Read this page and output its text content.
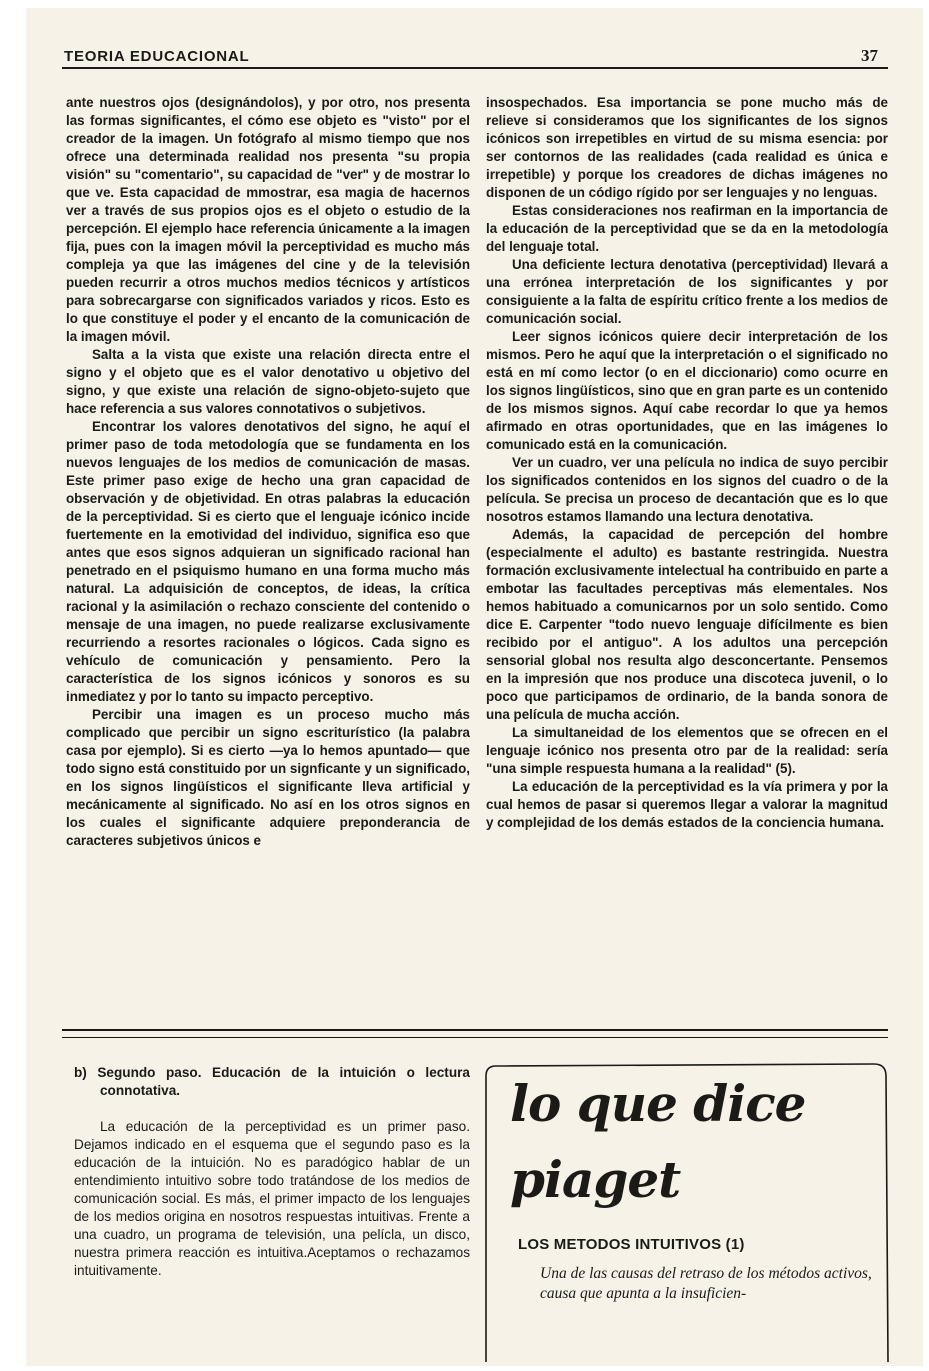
TEORIA EDUCACIONAL	37

ante nuestros ojos (designándolos), y por otro, nos presenta las formas significantes, el cómo ese objeto es "visto" por el creador de la imagen. Un fotógrafo al mismo tiempo que nos ofrece una determinada realidad nos presenta "su propia visión" su "comentario", su capacidad de "ver" y de mostrar lo que ve. Esta capacidad de mmostrar, esa magia de hacernos ver a través de sus propios ojos es el objeto o estudio de la percepción. El ejemplo hace referencia únicamente a la imagen fija, pues con la imagen móvil la perceptividad es mucho más compleja ya que las imágenes del cine y de la televisión pueden recurrir a otros muchos medios técnicos y artísticos para sobrecargarse con significados variados y ricos. Esto es lo que constituye el poder y el encanto de la comunicación de la imagen móvil.

Salta a la vista que existe una relación directa entre el signo y el objeto que es el valor denotativo u objetivo del signo, y que existe una relación de signo-objeto-sujeto que hace referencia a sus valores connotativos o subjetivos.

Encontrar los valores denotativos del signo, he aquí el primer paso de toda metodología que se fundamenta en los nuevos lenguajes de los medios de comunicación de masas. Este primer paso exige de hecho una gran capacidad de observación y de objetividad. En otras palabras la educación de la perceptividad. Si es cierto que el lenguaje icónico incide fuertemente en la emotividad del individuo, significa eso que antes que esos signos adquieran un significado racional han penetrado en el psiquismo humano en una forma mucho más natural. La adquisición de conceptos, de ideas, la crítica racional y la asimilación o rechazo consciente del contenido o mensaje de una imagen, no puede realizarse exclusivamente recurriendo a resortes racionales o lógicos. Cada signo es vehículo de comunicación y pensamiento. Pero la característica de los signos icónicos y sonoros es su inmediatez y por lo tanto su impacto perceptivo.

Percibir una imagen es un proceso mucho más complicado que percibir un signo escriturístico (la palabra casa por ejemplo). Si es cierto —ya lo hemos apuntado— que todo signo está constituido por un signficante y un significado, en los signos lingüísticos el significante lleva artificial y mecánicamente al significado. No así en los otros signos en los cuales el significante adquiere preponderancia de caracteres subjetivos únicos e

insospechados. Esa importancia se pone mucho más de relieve si consideramos que los significantes de los signos icónicos son irrepetibles en virtud de su misma esencia: por ser contornos de las realidades (cada realidad es única e irrepetible) y porque los creadores de dichas imágenes no disponen de un código rígido por ser lenguajes y no lenguas.

Estas consideraciones nos reafirman en la importancia de la educación de la perceptividad que se da en la metodología del lenguaje total.

Una deficiente lectura denotativa (perceptividad) llevará a una errónea interpretación de los significantes y por consiguiente a la falta de espíritu crítico frente a los medios de comunicación social.

Leer signos icónicos quiere decir interpretación de los mismos. Pero he aquí que la interpretación o el significado no está en mí como lector (o en el diccionario) como ocurre en los signos lingüísticos, sino que en gran parte es un contenido de los mismos signos. Aquí cabe recordar lo que ya hemos afirmado en otras oportunidades, que en las imágenes lo comunicado está en la comunicación.

Ver un cuadro, ver una película no indica de suyo percibir los significados contenidos en los signos del cuadro o de la película. Se precisa un proceso de decantación que es lo que nosotros estamos llamando una lectura denotativa.

Además, la capacidad de percepción del hombre (especialmente el adulto) es bastante restringida. Nuestra formación exclusivamente intelectual ha contribuido en parte a embotar las facultades perceptivas más elementales. Nos hemos habituado a comunicarnos por un solo sentido. Como dice E. Carpenter "todo nuevo lenguaje difícilmente es bien recibido por el antiguo". A los adultos una percepción sensorial global nos resulta algo desconcertante. Pensemos en la impresión que nos produce una discoteca juvenil, o lo poco que participamos de ordinario, de la banda sonora de una película de mucha acción.

La simultaneidad de los elementos que se ofrecen en el lenguaje icónico nos presenta otro par de la realidad: sería "una simple respuesta humana a la realidad" (5).

La educación de la perceptividad es la vía primera y por la cual hemos de pasar si queremos llegar a valorar la magnitud y complejidad de los demás estados de la conciencia humana.

b) Segundo paso. Educación de la intuición o lectura connotativa.

La educación de la perceptividad es un primer paso. Dejamos indicado en el esquema que el segundo paso es la educación de la intuición. No es paradógico hablar de un entendimiento intuitivo sobre todo tratándose de los medios de comunicación social. Es más, el primer impacto de los lenguajes de los medios origina en nosotros respuestas intuitivas. Frente a una cuadro, un programa de televisión, una pelícla, un disco, nuestra primera reacción es intuitiva.Aceptamos o rechazamos intuitivamente.

lo que dice
piaget
LOS METODOS INTUITIVOS (1)
Una de las causas del retraso de los métodos activos, causa que apunta a la insuficien-
